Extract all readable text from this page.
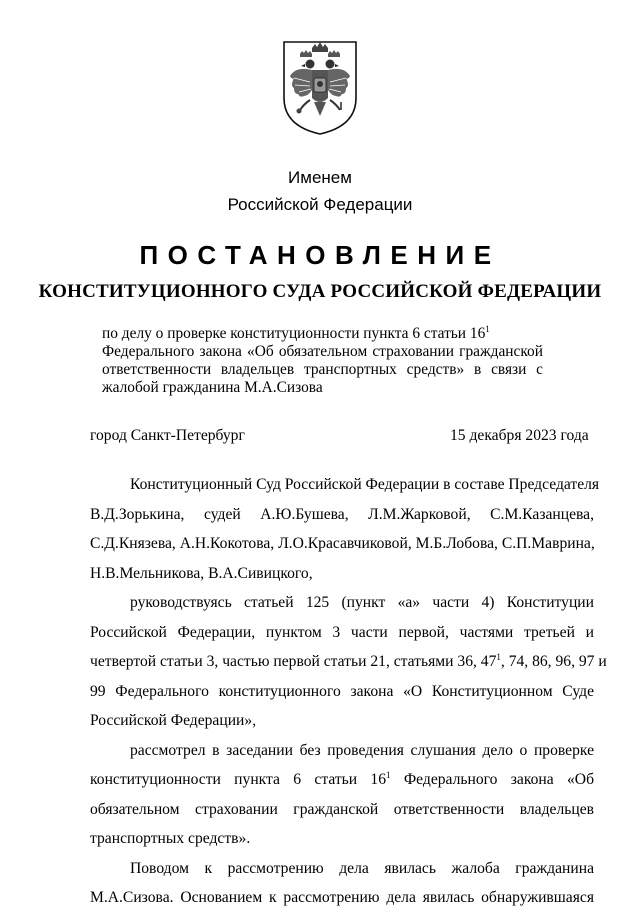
Именем
Российской Федерации
ПОСТАНОВЛЕНИЕ
КОНСТИТУЦИОННОГО СУДА РОССИЙСКОЙ ФЕДЕРАЦИИ
по делу о проверке конституционности пункта 6 статьи $16^1$
Федерального закона «Об обязательном страховании гражданской
ответственности владельцев транспортных средств» в связи с
жалобой гражданина М.А.Сизова
город Санкт-Петербург	15 декабря 2023 года
Конституционный Суд Российской Федерации в составе Председателя
В.Д.Зорькина, судей А.Ю.Бушева, Л.М.Жарковой, С.М.Казанцева,
С.Д.Князева, А.Н.Кокотова, Л.О.Красавчиковой, М.Б.Лобова, С.П.Маврина,
Н.В.Мельникова, В.А.Сивицкого,
руководствуясь статьей 125 (пункт «а» части 4) Конституции
Российской Федерации, пунктом 3 части первой, частями третьей и
четвертой статьи 3, частью первой статьи 21, статьями 36, $47^1$, 74, 86, 96, 97 и
99 Федерального конституционного закона «О Конституционном Суде
Российской Федерации»,
рассмотрел в заседании без проведения слушания дело о проверке
конституционности пункта 6 статьи $16^1$ Федерального закона «Об
обязательном страховании гражданской ответственности владельцев
транспортных средств».
Поводом к рассмотрению дела явилась жалоба гражданина
М.А.Сизова. Основанием к рассмотрению дела явилась обнаружившаяся
